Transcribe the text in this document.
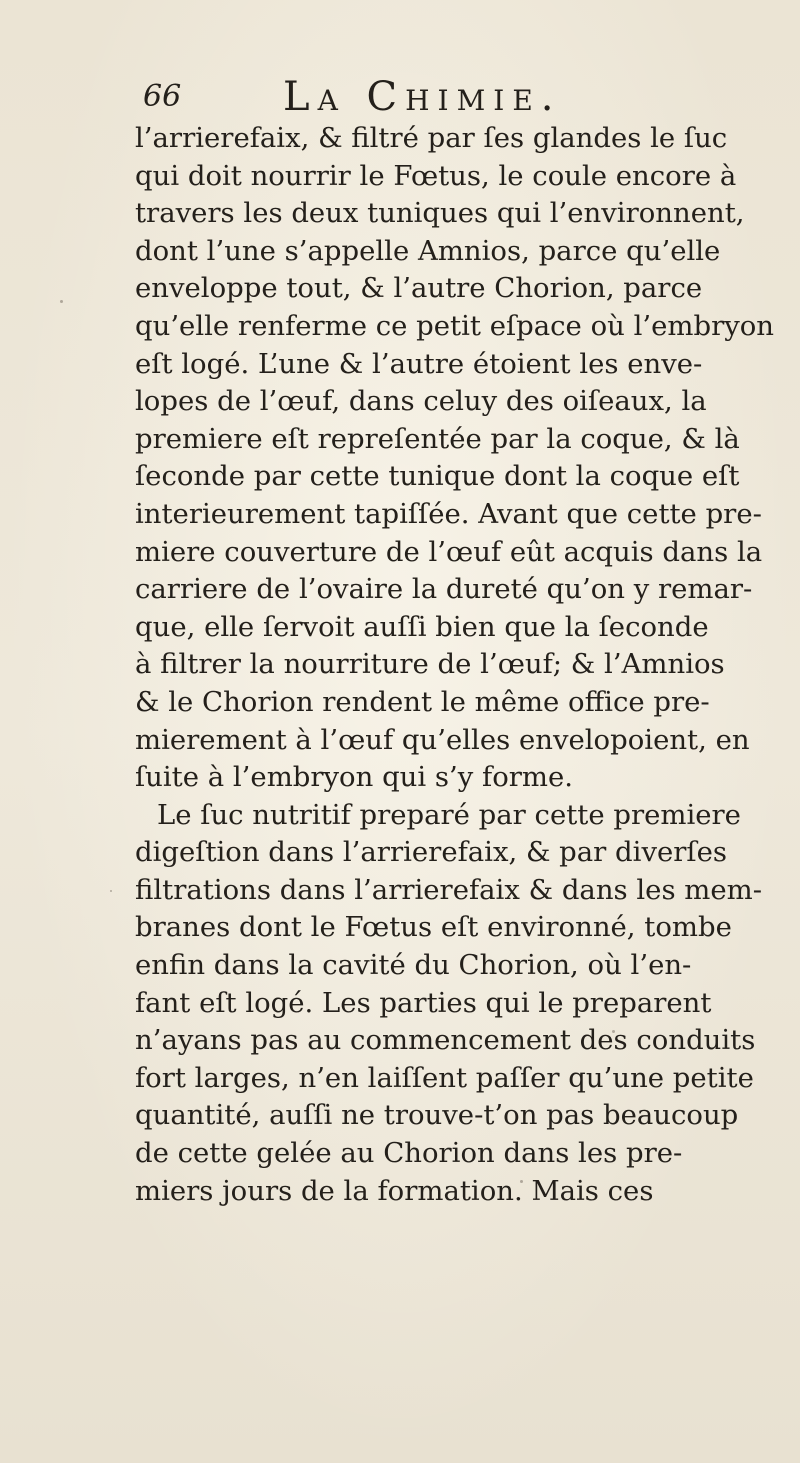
66	La Chimie.
l’arrierefaix, & filtré par ſes glandes le ſuc
qui doit nourrir le Fœtus, le coule encore à
travers les deux tuniques qui l’environnent,
dont l’une s’appelle Amnios, parce qu’elle
enveloppe tout, & l’autre Chorion, parce
qu’elle renferme ce petit eſpace où l’embryon
eſt logé. L’une & l’autre étoient les enve-
lopes de l’œuf, dans celuy des oiſeaux, la
premiere eſt repreſentée par la coque, & là
ſeconde par cette tunique dont la coque eſt
interieurement tapiſſée. Avant que cette pre-
miere couverture de l’œuf eût acquis dans la
carriere de l’ovaire la dureté qu’on y remar-
que, elle ſervoit auſſi bien que la ſeconde
à filtrer la nourriture de l’œuf; & l’Amnios
& le Chorion rendent le même office pre-
mierement à l’œuf qu’elles envelopoient, en
ſuite à l’embryon qui s’y forme.
Le ſuc nutritif preparé par cette premiere
digeſtion dans l’arrierefaix, & par diverſes
filtrations dans l’arrierefaix & dans les mem-
branes dont le Fœtus eſt environné, tombe
enfin dans la cavité du Chorion, où l’en-
fant eſt logé. Les parties qui le preparent
n’ayans pas au commencement des conduits
fort larges, n’en laiſſent paſſer qu’une petite
quantité, auſſi ne trouve-t’on pas beaucoup
de cette gelée au Chorion dans les pre-
miers jours de la formation. Mais ces
